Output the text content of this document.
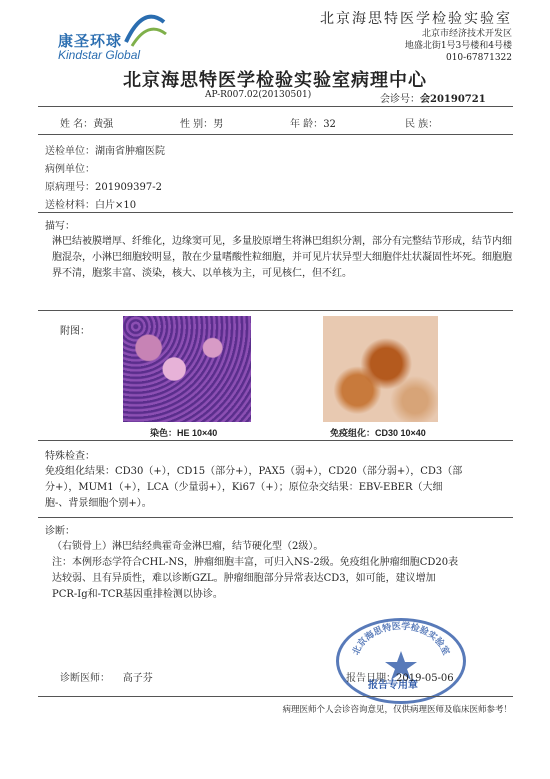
康圣环球
Kindstar Global
北京海思特医学检验实验室
北京市经济技术开发区
地盛北街1号3号楼和4号楼
010-67871322
北京海思特医学检验实验室病理中心
AP-R007.02(20130501)	会诊号：会20190721
姓 名：黄强	性 别：男	年 龄：32	民 族：
送检单位：湖南省肿瘤医院
病例单位：
原病理号：201909397-2
送检材料：白片×10
描写：
淋巴结被膜增厚、纤维化，边缘窦可见，多量胶原增生将淋巴组织分割，部分有完整结节形成，结节内细胞混杂，小淋巴细胞较明显，散在少量嗜酸性粒细胞，并可见片状异型大细胞伴灶状凝固性坏死。细胞胞界不清，胞浆丰富、淡染，核大、以单核为主，可见核仁，但不红。
附图：
染色：HE 10×40	免疫组化：CD30 10×40
特殊检查：
免疫组化结果：CD30（+），CD15（部分+），PAX5（弱+），CD20（部分弱+），CD3（部
分+），MUM1（+），LCA（少量弱+），Ki67（+）；原位杂交结果：EBV-EBER（大细
胞-、背景细胞个别+）。
诊断：
（右锁骨上）淋巴结经典霍奇金淋巴瘤，结节硬化型（2级）。
注：本例形态学符合CHL-NS，肿瘤细胞丰富，可归入NS-2级。免疫组化肿瘤细胞CD20表
达较弱、且有异质性，难以诊断GZL。肿瘤细胞部分异常表达CD3，如可能，建议增加
PCR-Ig和-TCR基因重排检测以协诊。
北京海思特医学检验实验室
报告专用章
诊断医师： 高子芬	报告日期：2019-05-06
病理医师个人会诊咨询意见，仅供病理医师及临床医师参考！
